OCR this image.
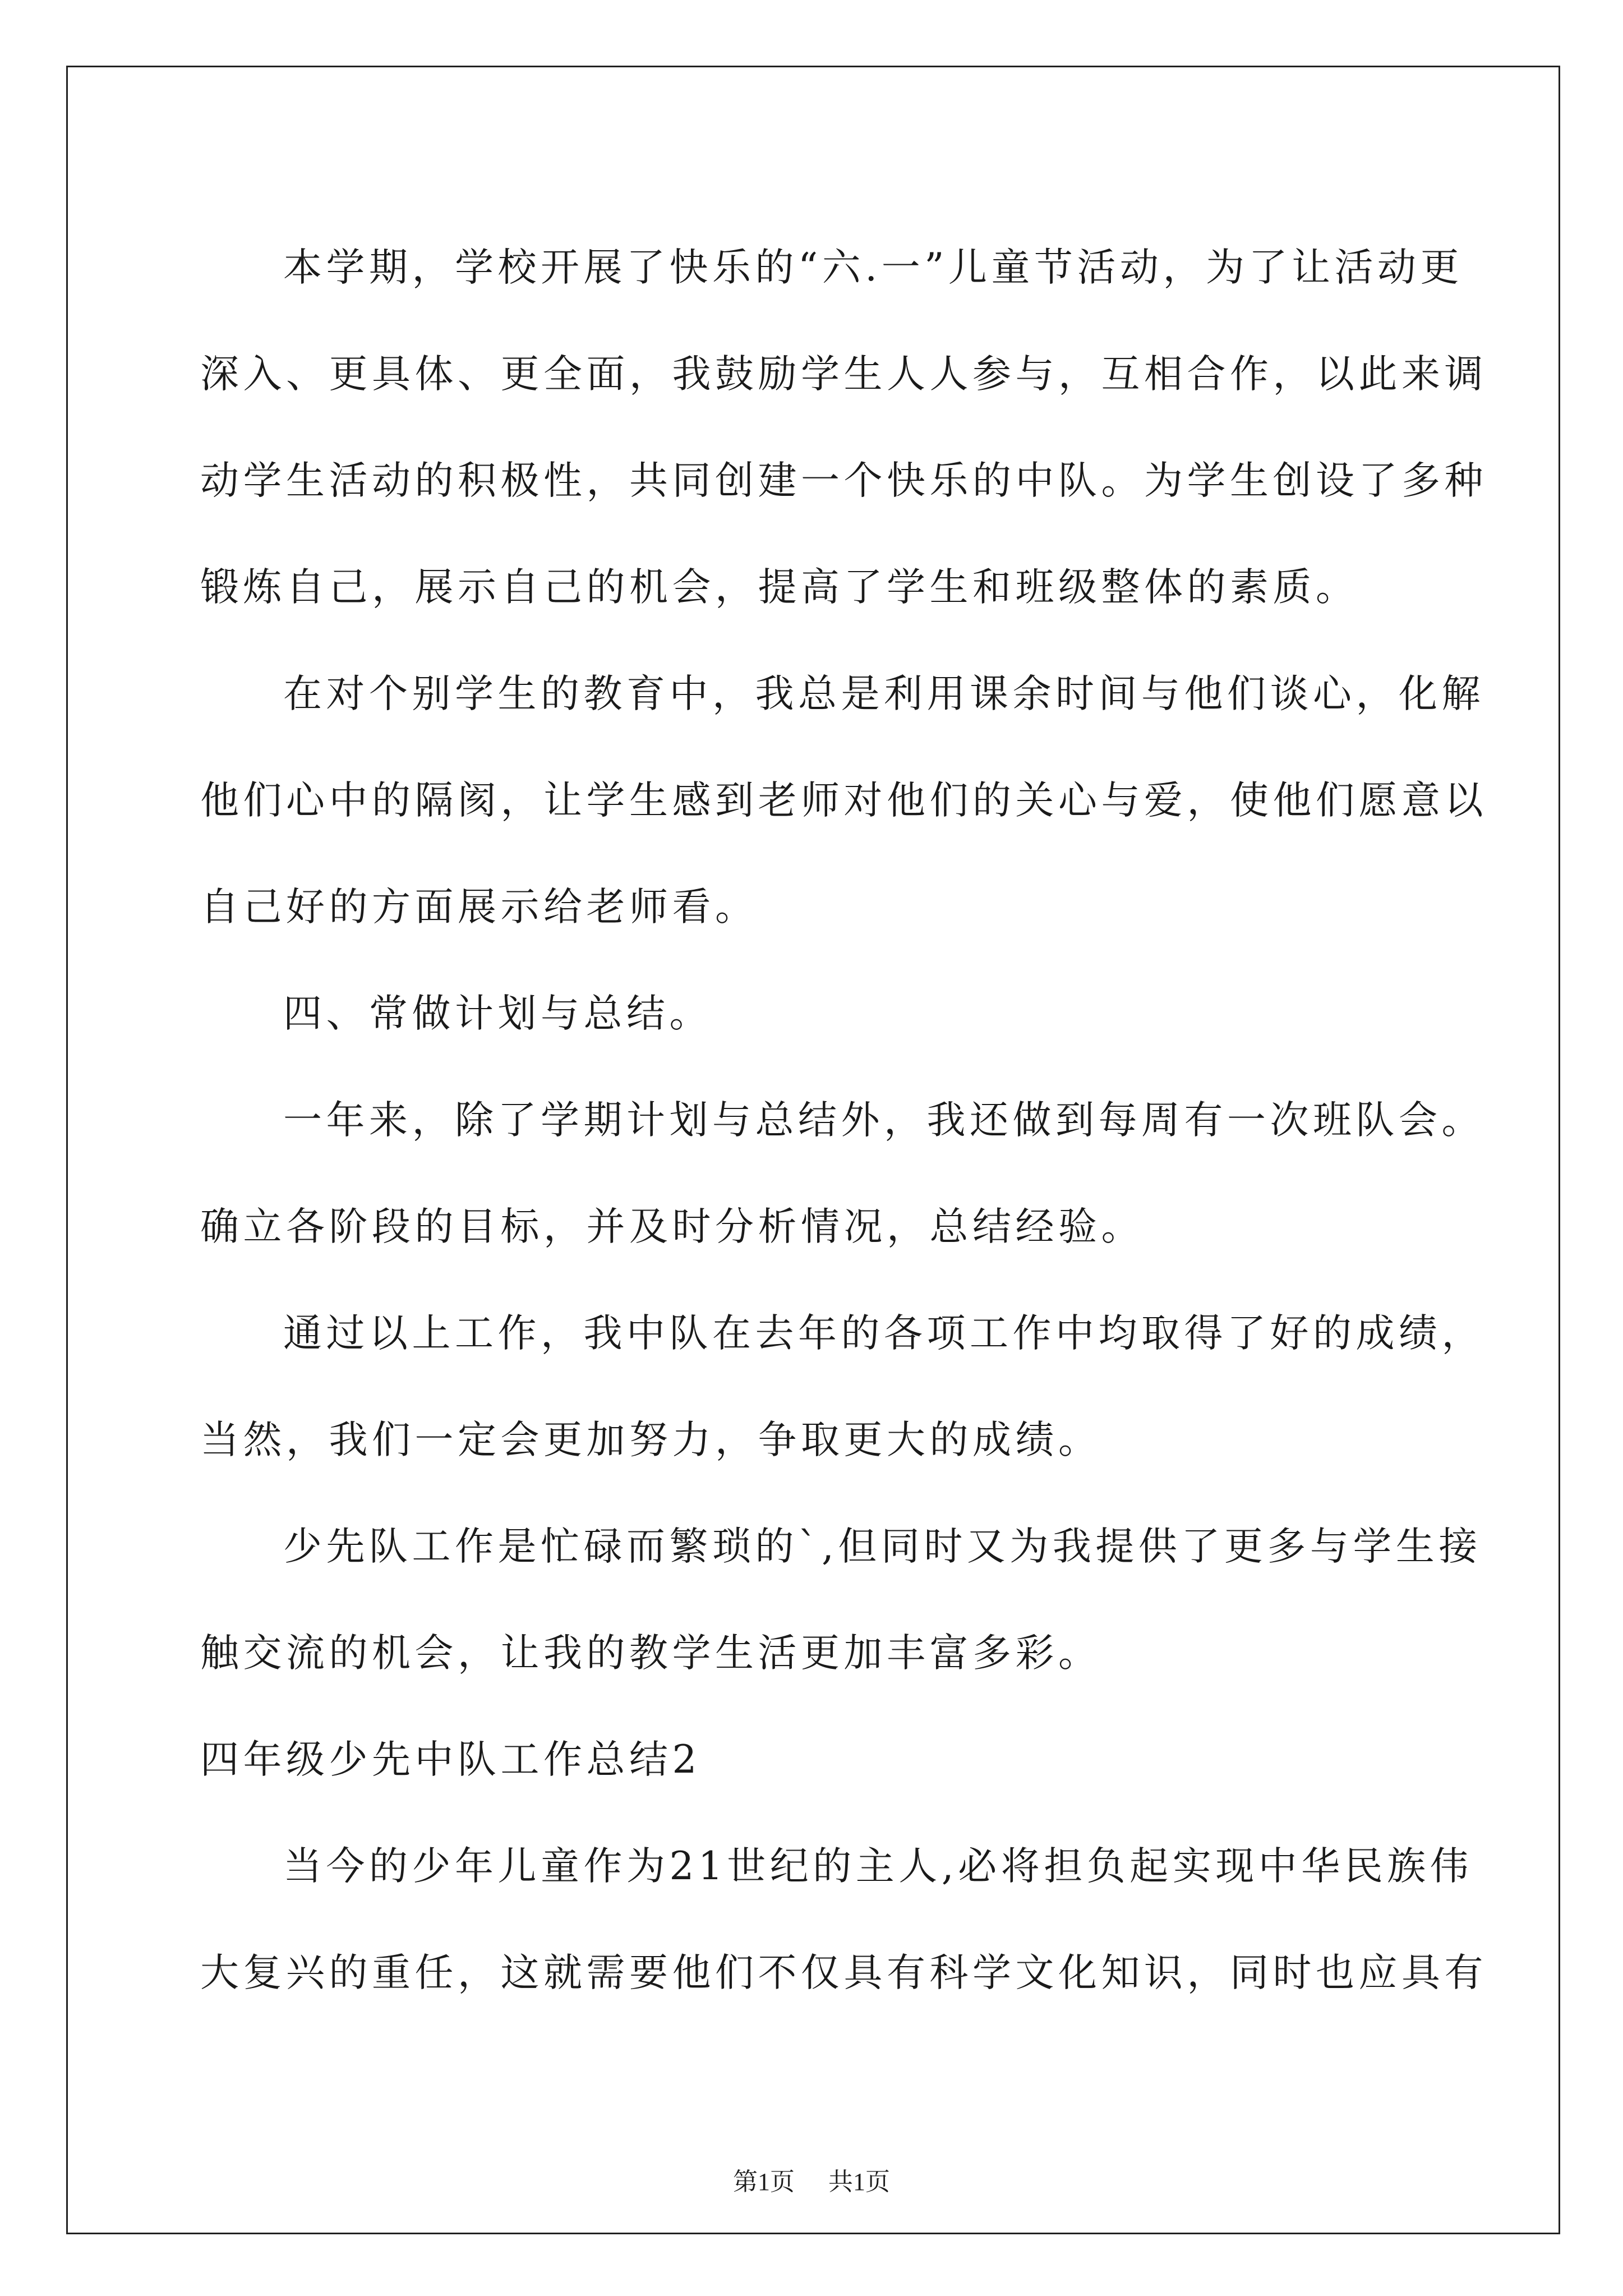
本学期，学校开展了快乐的“六.一”儿童节活动，为了让活动更
深入、更具体、更全面，我鼓励学生人人参与，互相合作，以此来调
动学生活动的积极性，共同创建一个快乐的中队。为学生创设了多种
锻炼自己，展示自己的机会，提高了学生和班级整体的素质。
在对个别学生的教育中，我总是利用课余时间与他们谈心，化解
他们心中的隔阂，让学生感到老师对他们的关心与爱，使他们愿意以
自己好的方面展示给老师看。
四、常做计划与总结。
一年来，除了学期计划与总结外，我还做到每周有一次班队会。
确立各阶段的目标，并及时分析情况，总结经验。
通过以上工作，我中队在去年的各项工作中均取得了好的成绩，
当然，我们一定会更加努力，争取更大的成绩。
少先队工作是忙碌而繁琐的`,但同时又为我提供了更多与学生接
触交流的机会，让我的教学生活更加丰富多彩。
四年级少先中队工作总结2
当今的少年儿童作为21世纪的主人,必将担负起实现中华民族伟
大复兴的重任，这就需要他们不仅具有科学文化知识，同时也应具有
第1页 共1页
